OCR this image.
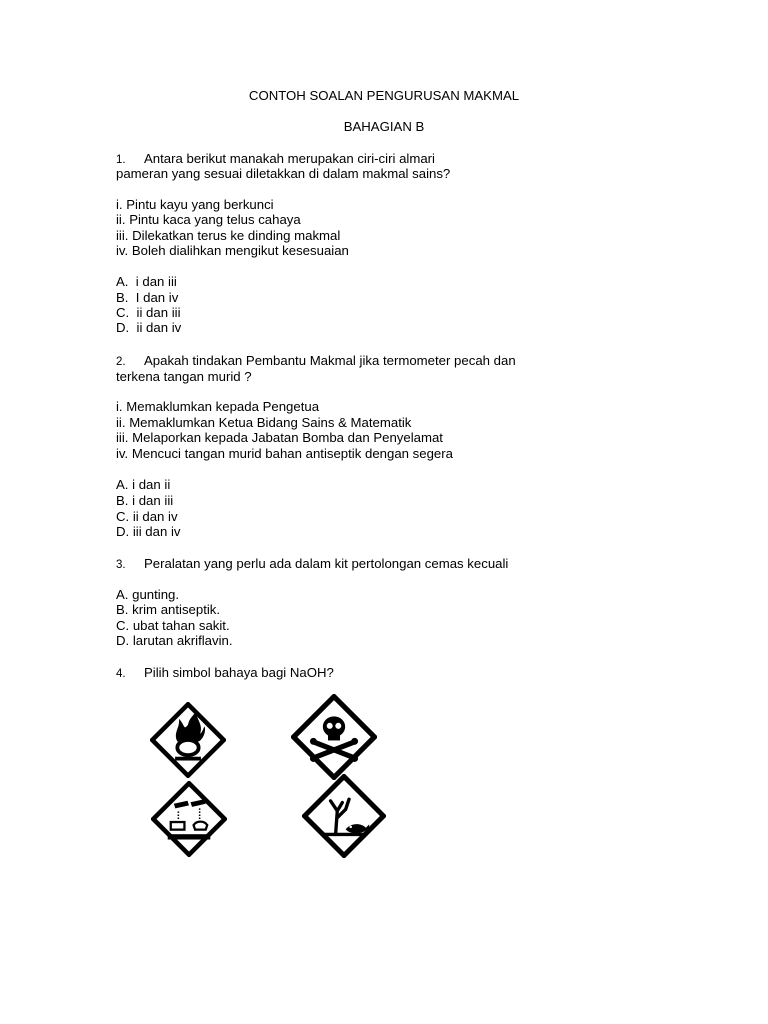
CONTOH SOALAN PENGURUSAN MAKMAL
BAHAGIAN B
1. Antara berikut manakah merupakan ciri-ciri almari
pameran yang sesuai diletakkan di dalam makmal sains?
i. Pintu kayu yang berkunci
ii. Pintu kaca yang telus cahaya
iii. Dilekatkan terus ke dinding makmal
iv. Boleh dialihkan mengikut kesesuaian
A.  i dan iii
B.  I dan iv
C.  ii dan iii
D.  ii dan iv
2. Apakah tindakan Pembantu Makmal jika termometer pecah dan
terkena tangan murid ?
i. Memaklumkan kepada Pengetua
ii. Memaklumkan Ketua Bidang Sains & Matematik
iii. Melaporkan kepada Jabatan Bomba dan Penyelamat
iv. Mencuci tangan murid bahan antiseptik dengan segera
A. i dan ii
B. i dan iii
C. ii dan iv
D. iii dan iv
3. Peralatan yang perlu ada dalam kit pertolongan cemas kecuali
A. gunting.
B. krim antiseptik.
C. ubat tahan sakit.
D. larutan akriflavin.
4. Pilih simbol bahaya bagi NaOH?
